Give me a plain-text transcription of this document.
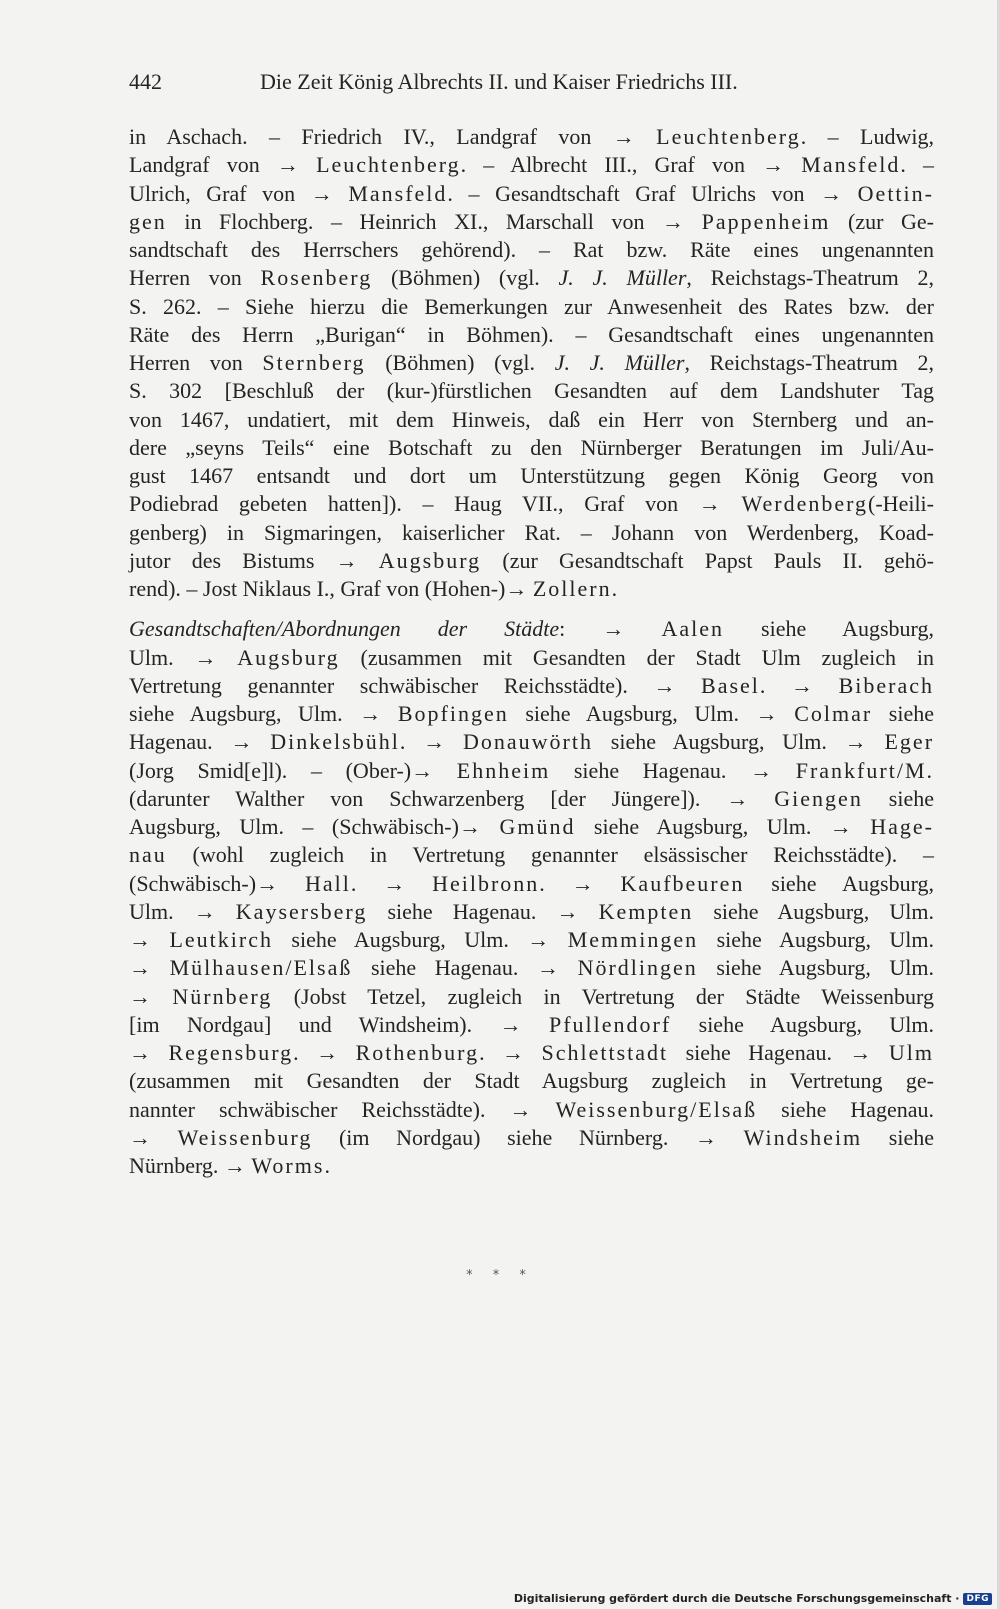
442	Die Zeit König Albrechts II. und Kaiser Friedrichs III.
in Aschach. – Friedrich IV., Landgraf von → Leuchtenberg. – Ludwig,
Landgraf von → Leuchtenberg. – Albrecht III., Graf von → Mansfeld. –
Ulrich, Graf von → Mansfeld. – Gesandtschaft Graf Ulrichs von → Oettin-
gen in Flochberg. – Heinrich XI., Marschall von → Pappenheim (zur Ge-
sandtschaft des Herrschers gehörend). – Rat bzw. Räte eines ungenannten
Herren von Rosenberg (Böhmen) (vgl. J. J. Müller, Reichstags-Theatrum 2,
S. 262. – Siehe hierzu die Bemerkungen zur Anwesenheit des Rates bzw. der
Räte des Herrn „Burigan“ in Böhmen). – Gesandtschaft eines ungenannten
Herren von Sternberg (Böhmen) (vgl. J. J. Müller, Reichstags-Theatrum 2,
S. 302 [Beschluß der (kur-)fürstlichen Gesandten auf dem Landshuter Tag
von 1467, undatiert, mit dem Hinweis, daß ein Herr von Sternberg und an-
dere „seyns Teils“ eine Botschaft zu den Nürnberger Beratungen im Juli/Au-
gust 1467 entsandt und dort um Unterstützung gegen König Georg von
Podiebrad gebeten hatten]). – Haug VII., Graf von → Werdenberg(-Heili-
genberg) in Sigmaringen, kaiserlicher Rat. – Johann von Werdenberg, Koad-
jutor des Bistums → Augsburg (zur Gesandtschaft Papst Pauls II. gehö-
rend). – Jost Niklaus I., Graf von (Hohen-)→ Zollern.
Gesandtschaften/Abordnungen der Städte: → Aalen siehe Augsburg,
Ulm. → Augsburg (zusammen mit Gesandten der Stadt Ulm zugleich in
Vertretung genannter schwäbischer Reichsstädte). → Basel. → Biberach
siehe Augsburg, Ulm. → Bopfingen siehe Augsburg, Ulm. → Colmar siehe
Hagenau. → Dinkelsbühl. → Donauwörth siehe Augsburg, Ulm. → Eger
(Jorg Smid[e]l). – (Ober-)→ Ehnheim siehe Hagenau. → Frankfurt/M.
(darunter Walther von Schwarzenberg [der Jüngere]). → Giengen siehe
Augsburg, Ulm. – (Schwäbisch-)→ Gmünd siehe Augsburg, Ulm. → Hage-
nau (wohl zugleich in Vertretung genannter elsässischer Reichsstädte). –
(Schwäbisch-)→ Hall. → Heilbronn. → Kaufbeuren siehe Augsburg,
Ulm. → Kaysersberg siehe Hagenau. → Kempten siehe Augsburg, Ulm.
→ Leutkirch siehe Augsburg, Ulm. → Memmingen siehe Augsburg, Ulm.
→ Mülhausen/Elsaß siehe Hagenau. → Nördlingen siehe Augsburg, Ulm.
→ Nürnberg (Jobst Tetzel, zugleich in Vertretung der Städte Weissenburg
[im Nordgau] und Windsheim). → Pfullendorf siehe Augsburg, Ulm.
→ Regensburg. → Rothenburg. → Schlettstadt siehe Hagenau. → Ulm
(zusammen mit Gesandten der Stadt Augsburg zugleich in Vertretung ge-
nannter schwäbischer Reichsstädte). → Weissenburg/Elsaß siehe Hagenau.
→ Weissenburg (im Nordgau) siehe Nürnberg. → Windsheim siehe
Nürnberg. → Worms.
* * *
Digitalisierung gefördert durch die Deutsche Forschungsgemeinschaft · DFG
